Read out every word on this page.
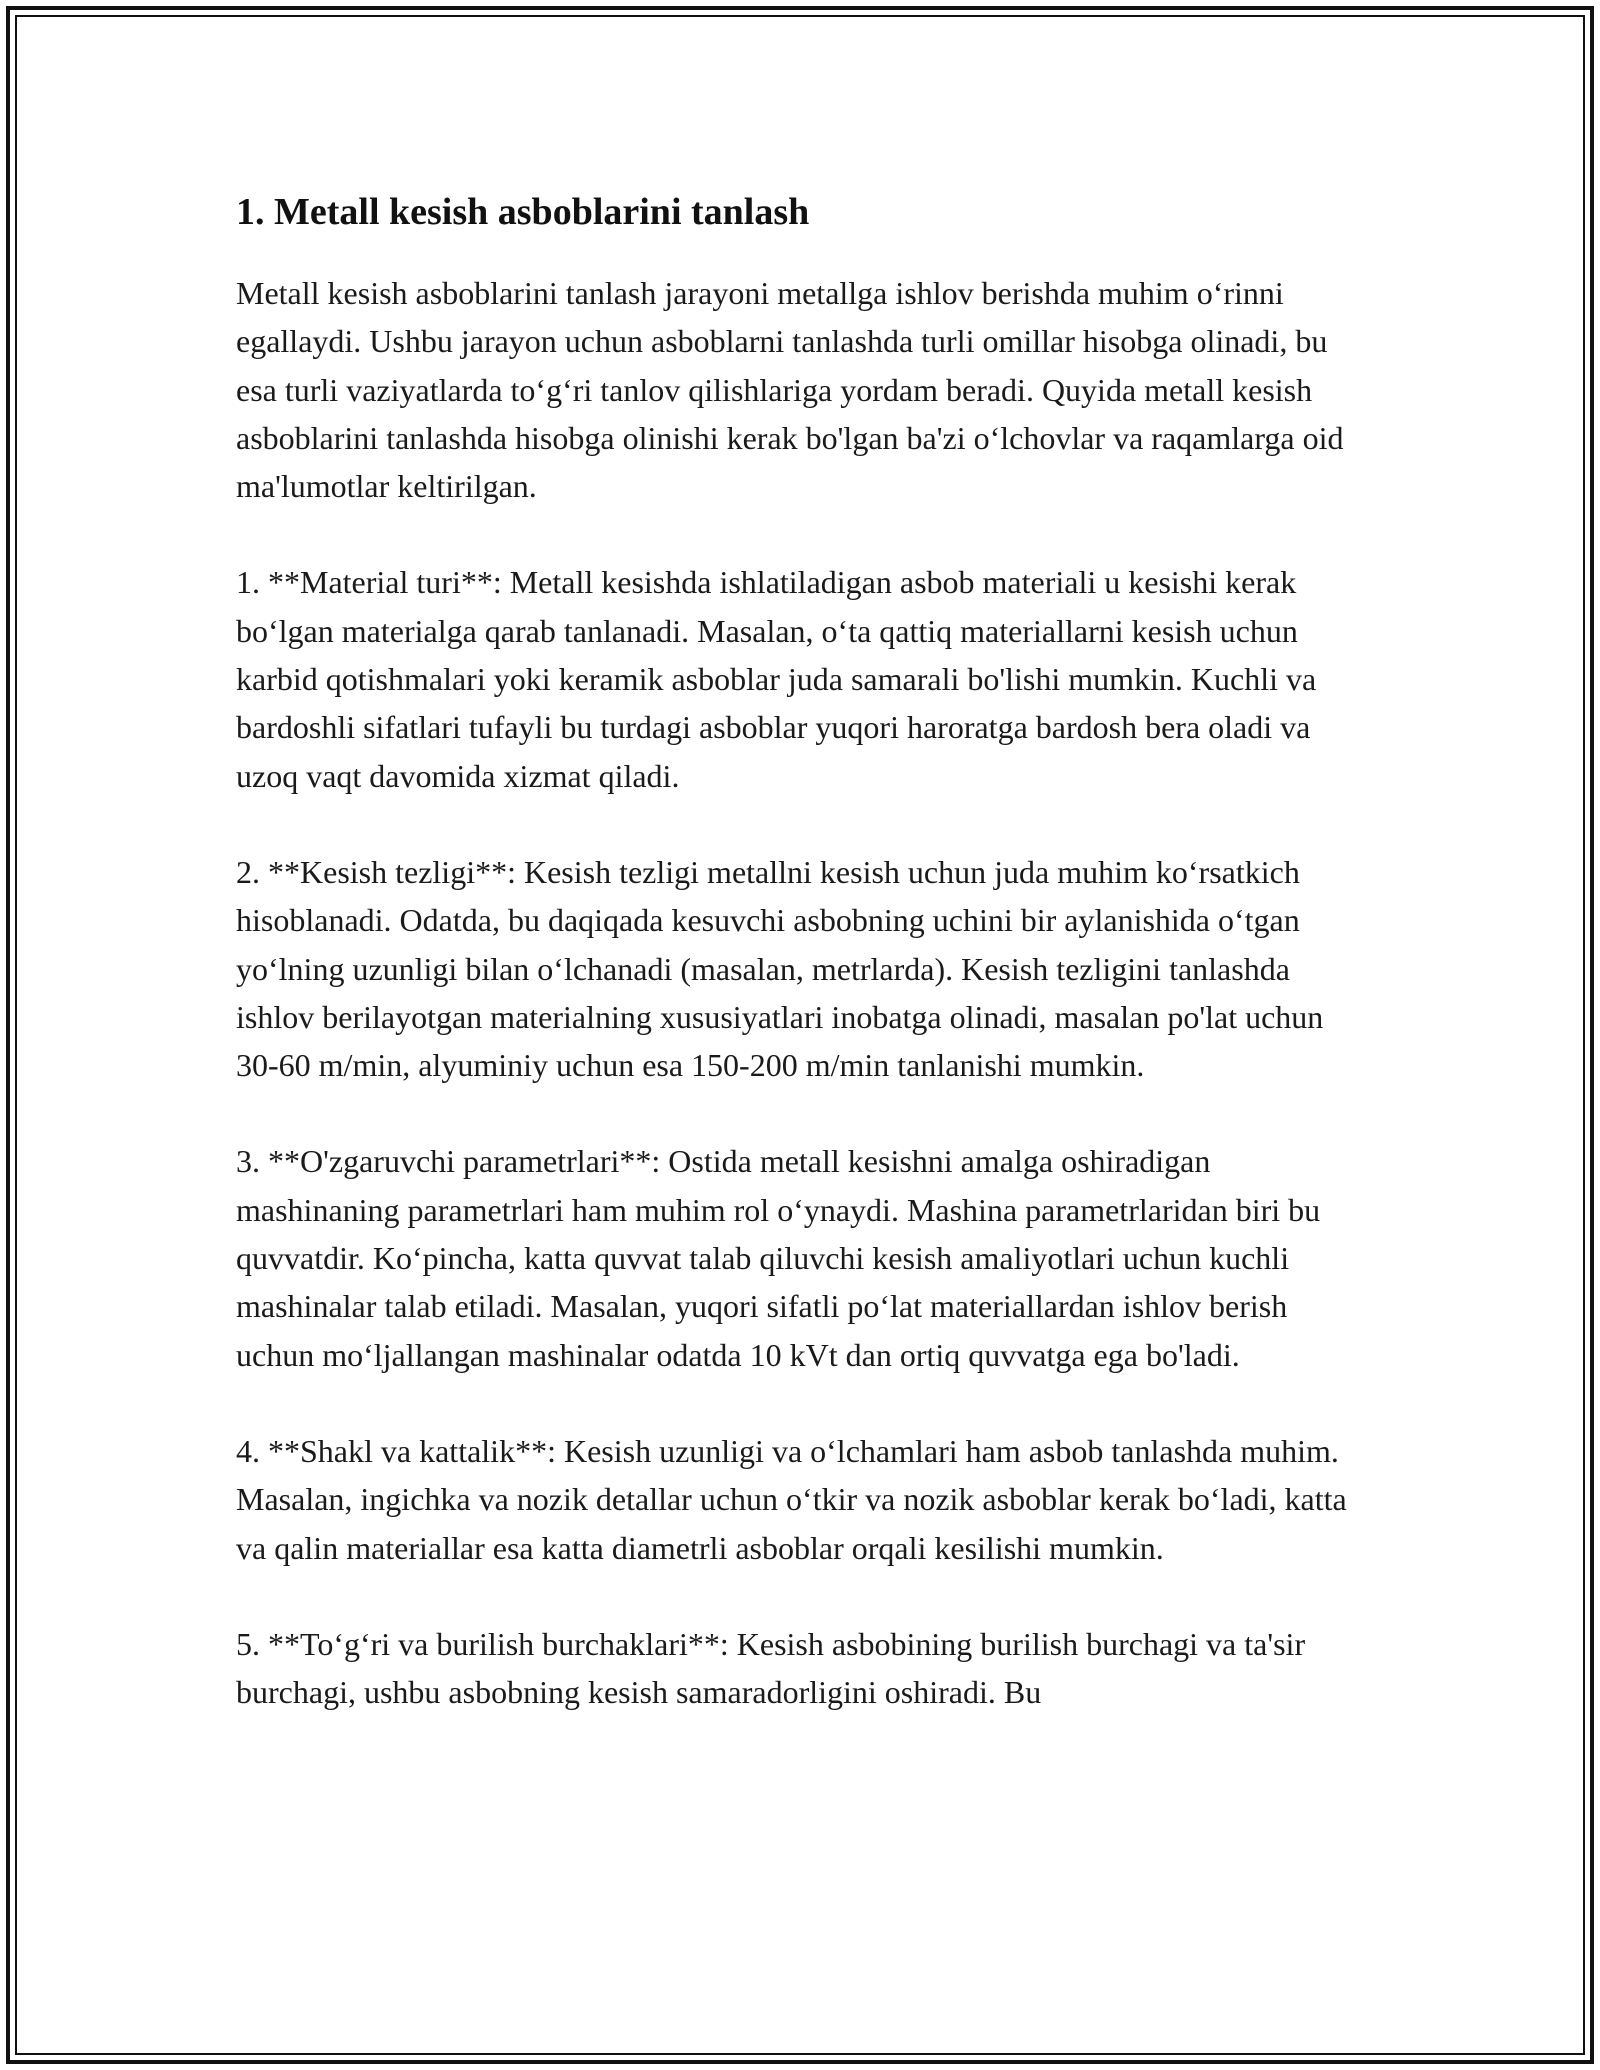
1. Metall kesish asboblarini tanlash

Metall kesish asboblarini tanlash jarayoni metallga ishlov berishda muhim o‘rinni egallaydi. Ushbu jarayon uchun asboblarni tanlashda turli omillar hisobga olinadi, bu esa turli vaziyatlarda to‘g‘ri tanlov qilishlariga yordam beradi. Quyida metall kesish asboblarini tanlashda hisobga olinishi kerak bo'lgan ba'zi o‘lchovlar va raqamlarga oid ma'lumotlar keltirilgan.

1. **Material turi**: Metall kesishda ishlatiladigan asbob materiali u kesishi kerak bo‘lgan materialga qarab tanlanadi. Masalan, o‘ta qattiq materiallarni kesish uchun karbid qotishmalari yoki keramik asboblar juda samarali bo'lishi mumkin. Kuchli va bardoshli sifatlari tufayli bu turdagi asboblar yuqori haroratga bardosh bera oladi va uzoq vaqt davomida xizmat qiladi.

2. **Kesish tezligi**: Kesish tezligi metallni kesish uchun juda muhim ko‘rsatkich hisoblanadi. Odatda, bu daqiqada kesuvchi asbobning uchini bir aylanishida o‘tgan yo‘lning uzunligi bilan o‘lchanadi (masalan, metrlarda). Kesish tezligini tanlashda ishlov berilayotgan materialning xususiyatlari inobatga olinadi, masalan po'lat uchun 30-60 m/min, alyuminiy uchun esa 150-200 m/min tanlanishi mumkin.

3. **O'zgaruvchi parametrlari**: Ostida metall kesishni amalga oshiradigan mashinaning parametrlari ham muhim rol o‘ynaydi. Mashina parametrlaridan biri bu quvvatdir. Ko‘pincha, katta quvvat talab qiluvchi kesish amaliyotlari uchun kuchli mashinalar talab etiladi. Masalan, yuqori sifatli po‘lat materiallardan ishlov berish uchun mo‘ljallangan mashinalar odatda 10 kVt dan ortiq quvvatga ega bo'ladi.

4. **Shakl va kattalik**: Kesish uzunligi va o‘lchamlari ham asbob tanlashda muhim. Masalan, ingichka va nozik detallar uchun o‘tkir va nozik asboblar kerak bo‘ladi, katta va qalin materiallar esa katta diametrli asboblar orqali kesilishi mumkin.

5. **To‘g‘ri va burilish burchaklari**: Kesish asbobining burilish burchagi va ta'sir burchagi, ushbu asbobning kesish samaradorligini oshiradi. Bu
